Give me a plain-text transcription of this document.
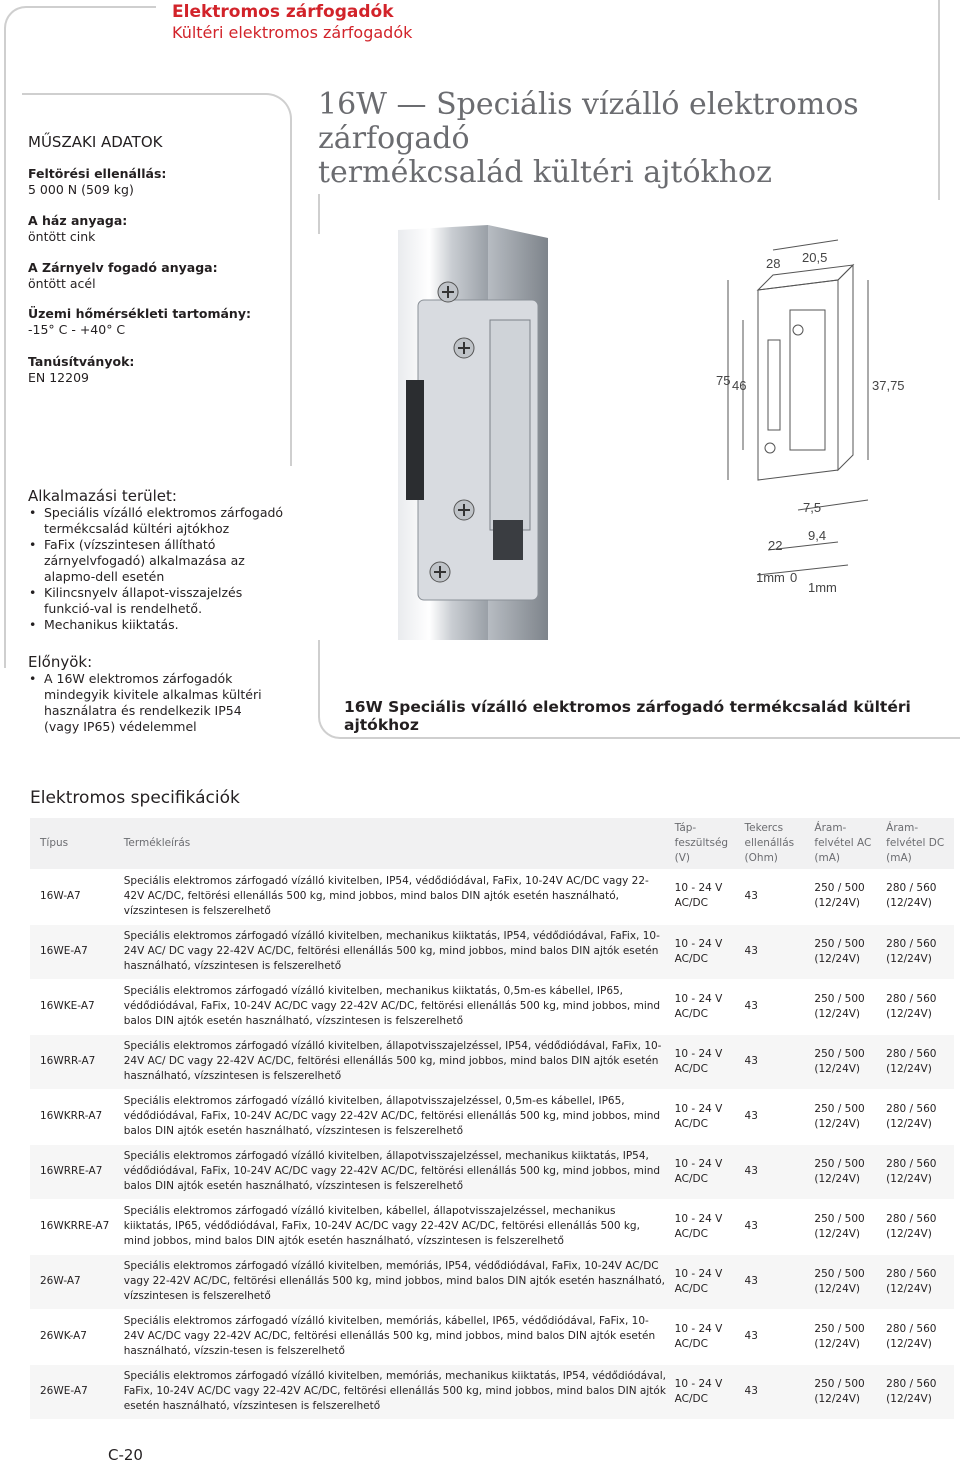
Elektromos zárfogadók
Kültéri elektromos zárfogadók
MŰSZAKI ADATOK
Feltörési ellenállás:
5 000 N (509 kg)
A ház anyaga:
öntött cink
A Zárnyelv fogadó anyaga:
öntött acél
Üzemi hőmérsékleti tartomány:
-15° C - +40° C
Tanúsítványok:
EN 12209
Alkalmazási terület:
• Speciális vízálló elektromos zárfogadó termékcsalád kültéri ajtókhoz
• FaFix (vízszintesen állítható zárnyelvfogadó) alkalmazása az alapmo-dell esetén
• Kilincsnyelv állapot-visszajelzés funkció-val is rendelhető.
• Mechanikus kiiktatás.
Előnyök:
• A 16W elektromos zárfogadók mindegyik kivitele alkalmas kültéri használatra és rendelkezik IP54 (vagy IP65) védelemmel
16W — Speciális vízálló elektromos zárfogadó
termékcsalád kültéri ajtókhoz
28 20,5
75 46	37,75
7,5
9,4
22
1mm 0
1mm
16W Speciális vízálló elektromos zárfogadó termékcsalád kültéri ajtókhoz
Elektromos specifikációk
Típus	Termékleírás	Táp-feszültség (V)	Tekercs ellenállás (Ohm)	Áram-felvétel AC (mA)	Áram-felvétel DC (mA)
16W-A7	Speciális elektromos zárfogadó vízálló kivitelben, IP54, védődiódával, FaFix, 10-24V AC/DC vagy 22-42V AC/DC, feltörési ellenállás 500 kg, mind jobbos, mind balos DIN ajtók esetén használható, vízszintesen is felszerelhető	10 - 24 V AC/DC	43	250 / 500 (12/24V)	280 / 560 (12/24V)
16WE-A7	Speciális elektromos zárfogadó vízálló kivitelben, mechanikus kiiktatás, IP54, védődiódával, FaFix, 10-24V AC/ DC vagy 22-42V AC/DC, feltörési ellenállás 500 kg, mind jobbos, mind balos DIN ajtók esetén használható, vízszintesen is felszerelhető	10 - 24 V AC/DC	43	250 / 500 (12/24V)	280 / 560 (12/24V)
16WKE-A7	Speciális elektromos zárfogadó vízálló kivitelben, mechanikus kiiktatás, 0,5m-es kábellel, IP65, védődiódával, FaFix, 10-24V AC/DC vagy 22-42V AC/DC, feltörési ellenállás 500 kg, mind jobbos, mind balos DIN ajtók esetén használható, vízszintesen is felszerelhető	10 - 24 V AC/DC	43	250 / 500 (12/24V)	280 / 560 (12/24V)
16WRR-A7	Speciális elektromos zárfogadó vízálló kivitelben, állapotvisszajelzéssel, IP54, védődiódával, FaFix, 10-24V AC/ DC vagy 22-42V AC/DC, feltörési ellenállás 500 kg, mind jobbos, mind balos DIN ajtók esetén használható, vízszintesen is felszerelhető	10 - 24 V AC/DC	43	250 / 500 (12/24V)	280 / 560 (12/24V)
16WKRR-A7	Speciális elektromos zárfogadó vízálló kivitelben, állapotvisszajelzéssel, 0,5m-es kábellel, IP65, védődiódával, FaFix, 10-24V AC/DC vagy 22-42V AC/DC, feltörési ellenállás 500 kg, mind jobbos, mind balos DIN ajtók esetén használható, vízszintesen is felszerelhető	10 - 24 V AC/DC	43	250 / 500 (12/24V)	280 / 560 (12/24V)
16WRRE-A7	Speciális elektromos zárfogadó vízálló kivitelben, állapotvisszajelzéssel, mechanikus kiiktatás, IP54, védődiódával, FaFix, 10-24V AC/DC vagy 22-42V AC/DC, feltörési ellenállás 500 kg, mind jobbos, mind balos DIN ajtók esetén használható, vízszintesen is felszerelhető	10 - 24 V AC/DC	43	250 / 500 (12/24V)	280 / 560 (12/24V)
16WKRRE-A7	Speciális elektromos zárfogadó vízálló kivitelben, kábellel, állapotvisszajelzéssel, mechanikus kiiktatás, IP65, védődiódával, FaFix, 10-24V AC/DC vagy 22-42V AC/DC, feltörési ellenállás 500 kg, mind jobbos, mind balos DIN ajtók esetén használható, vízszintesen is felszerelhető	10 - 24 V AC/DC	43	250 / 500 (12/24V)	280 / 560 (12/24V)
26W-A7	Speciális elektromos zárfogadó vízálló kivitelben, memóriás, IP54, védődiódával, FaFix, 10-24V AC/DC vagy 22-42V AC/DC, feltörési ellenállás 500 kg, mind jobbos, mind balos DIN ajtók esetén használható, vízszintesen is felszerelhető	10 - 24 V AC/DC	43	250 / 500 (12/24V)	280 / 560 (12/24V)
26WK-A7	Speciális elektromos zárfogadó vízálló kivitelben, memóriás, kábellel, IP65, védődiódával, FaFix, 10-24V AC/DC vagy 22-42V AC/DC, feltörési ellenállás 500 kg, mind jobbos, mind balos DIN ajtók esetén használható, vízszin-tesen is felszerelhető	10 - 24 V AC/DC	43	250 / 500 (12/24V)	280 / 560 (12/24V)
26WE-A7	Speciális elektromos zárfogadó vízálló kivitelben, memóriás, mechanikus kiiktatás, IP54, védődiódával, FaFix, 10-24V AC/DC vagy 22-42V AC/DC, feltörési ellenállás 500 kg, mind jobbos, mind balos DIN ajtók esetén használható, vízszintesen is felszerelhető	10 - 24 V AC/DC	43	250 / 500 (12/24V)	280 / 560 (12/24V)
C-20
